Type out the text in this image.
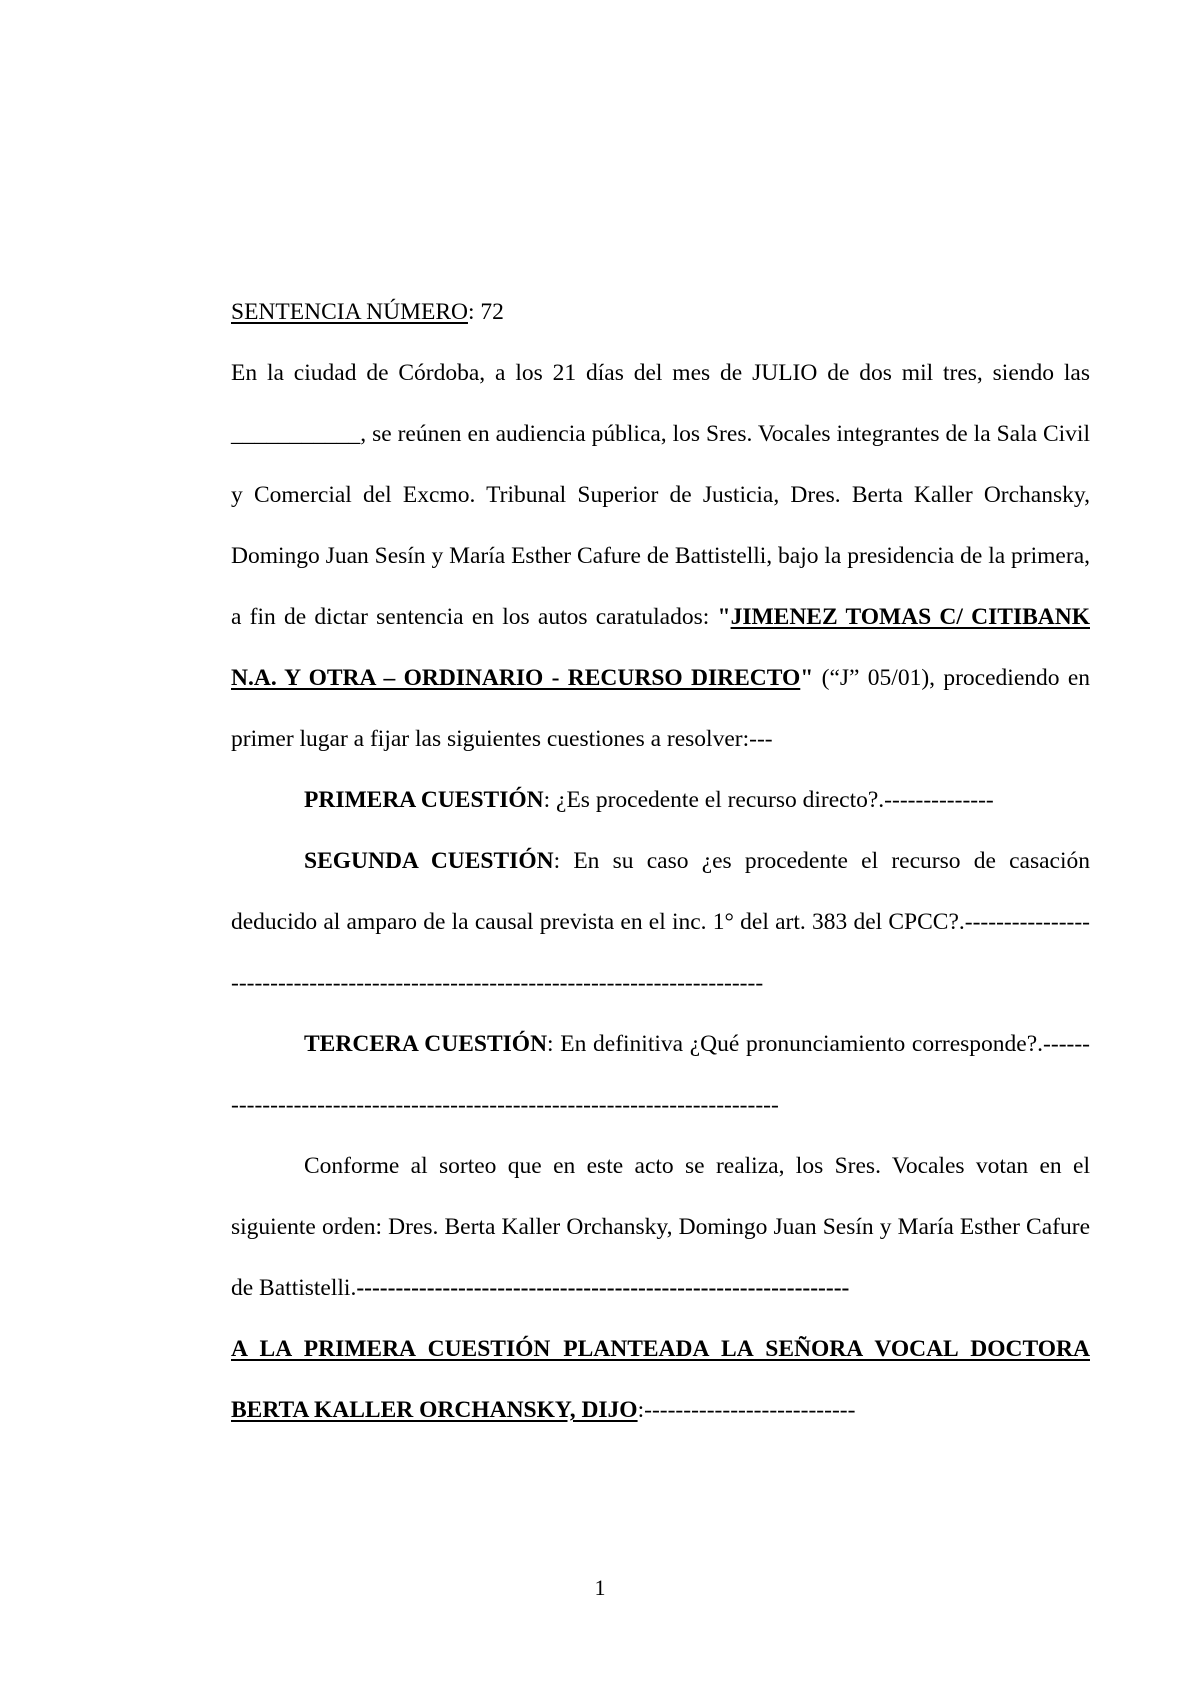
SENTENCIA NÚMERO: 72

En la ciudad de Córdoba, a los 21 días del mes de JULIO de dos mil tres, siendo las ___________, se reúnen en audiencia pública, los Sres. Vocales integrantes de la Sala Civil y Comercial del Excmo. Tribunal Superior de Justicia, Dres. Berta Kaller Orchansky, Domingo Juan Sesín y María Esther Cafure de Battistelli, bajo la presidencia de la primera, a fin de dictar sentencia en los autos caratulados: "JIMENEZ TOMAS C/ CITIBANK N.A. Y OTRA – ORDINARIO - RECURSO DIRECTO" (“J” 05/01), procediendo en primer lugar a fijar las siguientes cuestiones a resolver:---

PRIMERA CUESTIÓN: ¿Es procedente el recurso directo?.--------------

SEGUNDA CUESTIÓN: En su caso ¿es procedente el recurso de casación deducido al amparo de la causal prevista en el inc. 1° del art. 383 del CPCC?.------------------------------------------------------------------------------------

TERCERA CUESTIÓN: En definitiva ¿Qué pronunciamiento corresponde?.----------------------------------------------------------------------------

Conforme al sorteo que en este acto se realiza, los Sres. Vocales votan en el siguiente orden: Dres. Berta Kaller Orchansky, Domingo Juan Sesín y María Esther Cafure de Battistelli.---------------------------------------------------------------

A LA PRIMERA CUESTIÓN PLANTEADA LA SEÑORA VOCAL DOCTORA BERTA KALLER ORCHANSKY, DIJO:---------------------------

1
